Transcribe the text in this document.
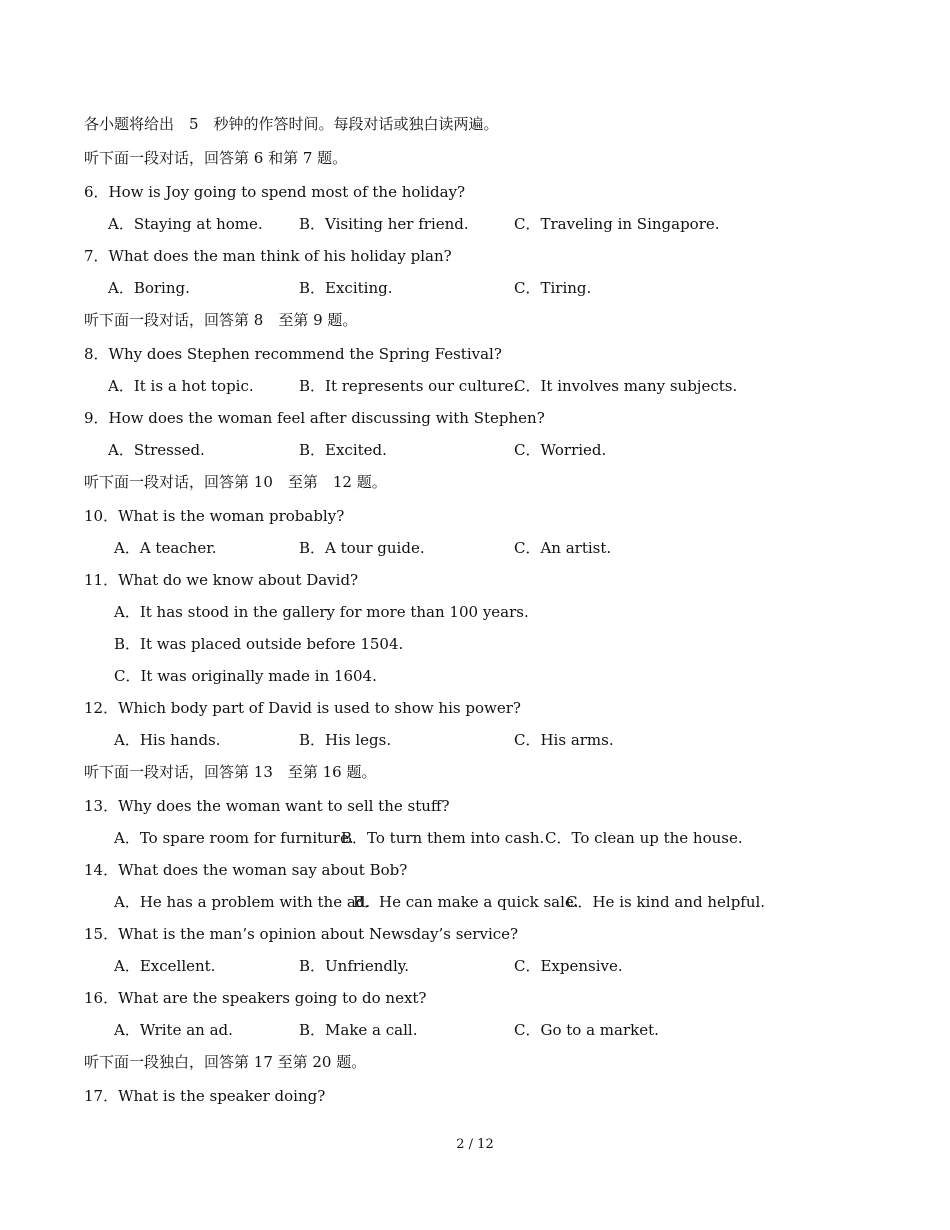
各小题将给出　5　秒钟的作答时间。每段对话或独白读两遍。
听下面一段对话，回答第 6 和第 7 题。
6．How is Joy going to spend most of the holiday?
A．Staying at home. B．Visiting her friend.	C．Traveling in Singapore.
7．What does the man think of his holiday plan?
A．Boring.	B．Exciting.	C．Tiring.
听下面一段对话，回答第 8　至第 9 题。
8．Why does Stephen recommend the Spring Festival?
A．It is a hot topic.	B．It represents our culture.
C．It involves many subjects.
9．How does the woman feel after discussing with Stephen?
A．Stressed.	B．Excited.	C．Worried.
听下面一段对话，回答第 10　至第　12 题。
10．What is the woman probably?
A．A teacher.	B．A tour guide.	C．An artist.
11．What do we know about David?
A．It has stood in the gallery for more than 100 years.
B．It was placed outside before 1504.
C．It was originally made in 1604.
12．Which body part of David is used to show his power?
A．His hands.	B．His legs.	C．His arms.
听下面一段对话，回答第 13　至第 16 题。
13．Why does the woman want to sell the stuff?
A．To spare room for furniture.
B．To turn them into cash. C．To clean up the house.
14．What does the woman say about Bob?
A．He has a problem with the ad.
B．He can make a quick sale.
C．He is kind and helpful.
15．What is the man’s opinion about Newsday’s service?
A．Excellent.	B．Unfriendly.	C．Expensive.
16．What are the speakers going to do next?
A．Write an ad.	B．Make a call.	C．Go to a market.
听下面一段独白，回答第 17 至第 20 题。
17．What is the speaker doing?
2 / 12
